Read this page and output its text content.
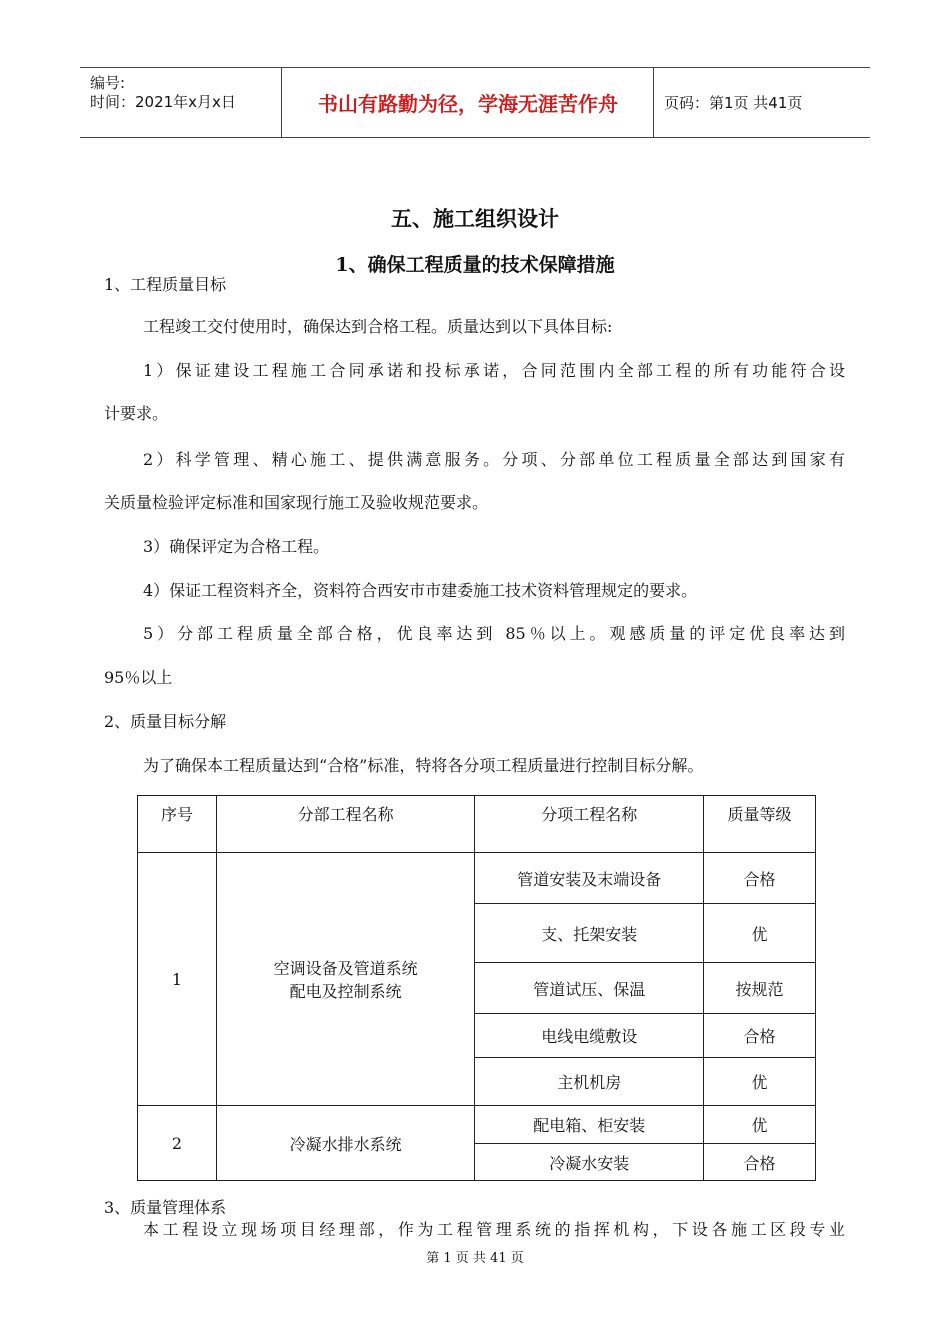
编号:
时间：2021年x月x日	书山有路勤为径，学海无涯苦作舟	页码：第1页 共41页
五、施工组织设计
1、确保工程质量的技术保障措施
1、工程质量目标
工程竣工交付使用时，确保达到合格工程。质量达到以下具体目标:
1）保证建设工程施工合同承诺和投标承诺，合同范围内全部工程的所有功能符合设
计要求。
2）科学管理、精心施工、提供满意服务。分项、分部单位工程质量全部达到国家有
关质量检验评定标准和国家现行施工及验收规范要求。
3）确保评定为合格工程。
4）保证工程资料齐全，资料符合西安市市建委施工技术资料管理规定的要求。
5）分部工程质量全部合格，优良率达到 85％以上。观感质量的评定优良率达到
95％以上
2、质量目标分解
为了确保本工程质量达到“合格”标准，特将各分项工程质量进行控制目标分解。
序号	分部工程名称	分项工程名称	质量等级
1	空调设备及管道系统
配电及控制系统	管道安装及末端设备	合格
		支、托架安装	优
		管道试压、保温	按规范
		电线电缆敷设	合格
		主机机房	优
2	冷凝水排水系统	配电箱、柜安装	优
		冷凝水安装	合格
3、质量管理体系
本工程设立现场项目经理部，作为工程管理系统的指挥机构，下设各施工区段专业
第 1 页 共 41 页
